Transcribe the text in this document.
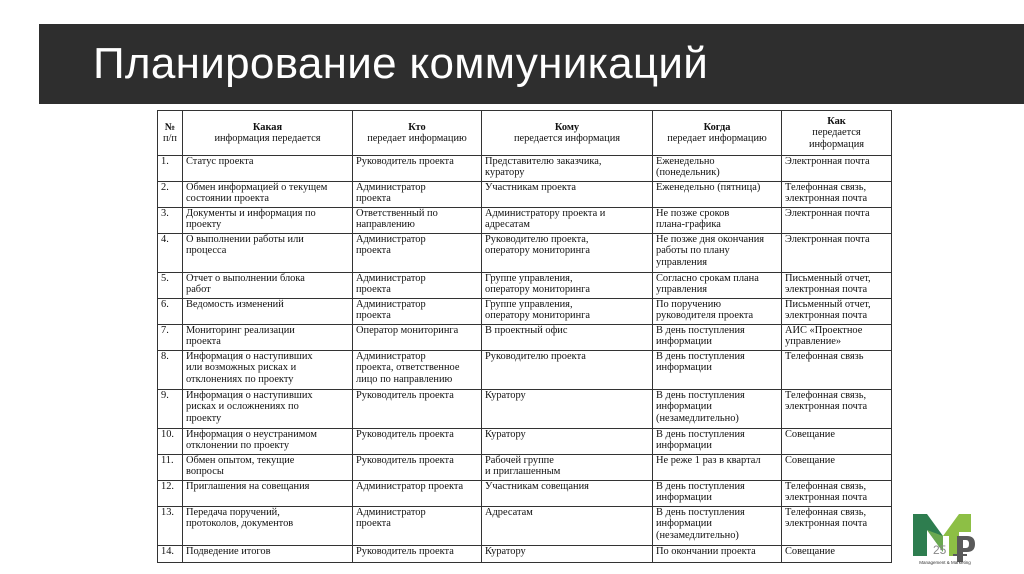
Планирование коммуникаций
№
п/п	Какая
информация передается	Кто
передает информацию	Кому
передается информация	Когда
передает информацию	Как
передается
информация

1.	Статус проекта	Руководитель проекта	Представителю заказчика,
куратору	Еженедельно
(понедельник)	Электронная почта
2.	Обмен информацией о текущем
состоянии проекта	Администратор
проекта	Участникам проекта	Еженедельно (пятница)	Телефонная связь,
электронная почта
3.	Документы и информация по
проекту	Ответственный по
направлению	Администратору проекта и
адресатам	Не позже сроков
плана-графика	Электронная почта
4.	О выполнении работы или
процесса	Администратор
проекта	Руководителю проекта,
оператору мониторинга	Не позже дня окончания
работы по плану
управления	Электронная почта
5.	Отчет о выполнении блока
работ	Администратор
проекта	Группе управления,
оператору мониторинга	Согласно срокам плана
управления	Письменный отчет,
электронная почта
6.	Ведомость изменений	Администратор
проекта	Группе управления,
оператору мониторинга	По поручению
руководителя проекта	Письменный отчет,
электронная почта
7.	Мониторинг реализации
проекта	Оператор мониторинга	В проектный офис	В день поступления
информации	АИС «Проектное
управление»
8.	Информация о наступивших
или возможных рисках и
отклонениях по проекту	Администратор
проекта, ответственное
лицо по направлению	Руководителю проекта	В день поступления
информации	Телефонная связь
9.	Информация о наступивших
рисках и осложнениях по
проекту	Руководитель проекта	Куратору	В день поступления
информации
(незамедлительно)	Телефонная связь,
электронная почта
10.	Информация о неустранимом
отклонении по проекту	Руководитель проекта	Куратору	В день поступления
информации	Совещание
11.	Обмен опытом, текущие
вопросы	Руководитель проекта	Рабочей группе
и приглашенным	Не реже 1 раз в квартал	Совещание
12.	Приглашения на совещания	Администратор проекта	Участникам совещания	В день поступления
информации	Телефонная связь,
электронная почта
13.	Передача поручений,
протоколов, документов	Администратор
проекта	Адресатам	В день поступления
информации
(незамедлительно)	Телефонная связь,
электронная почта
14.	Подведение итогов	Руководитель проекта	Куратору	По окончании проекта	Совещание	25
Management & Marketing
